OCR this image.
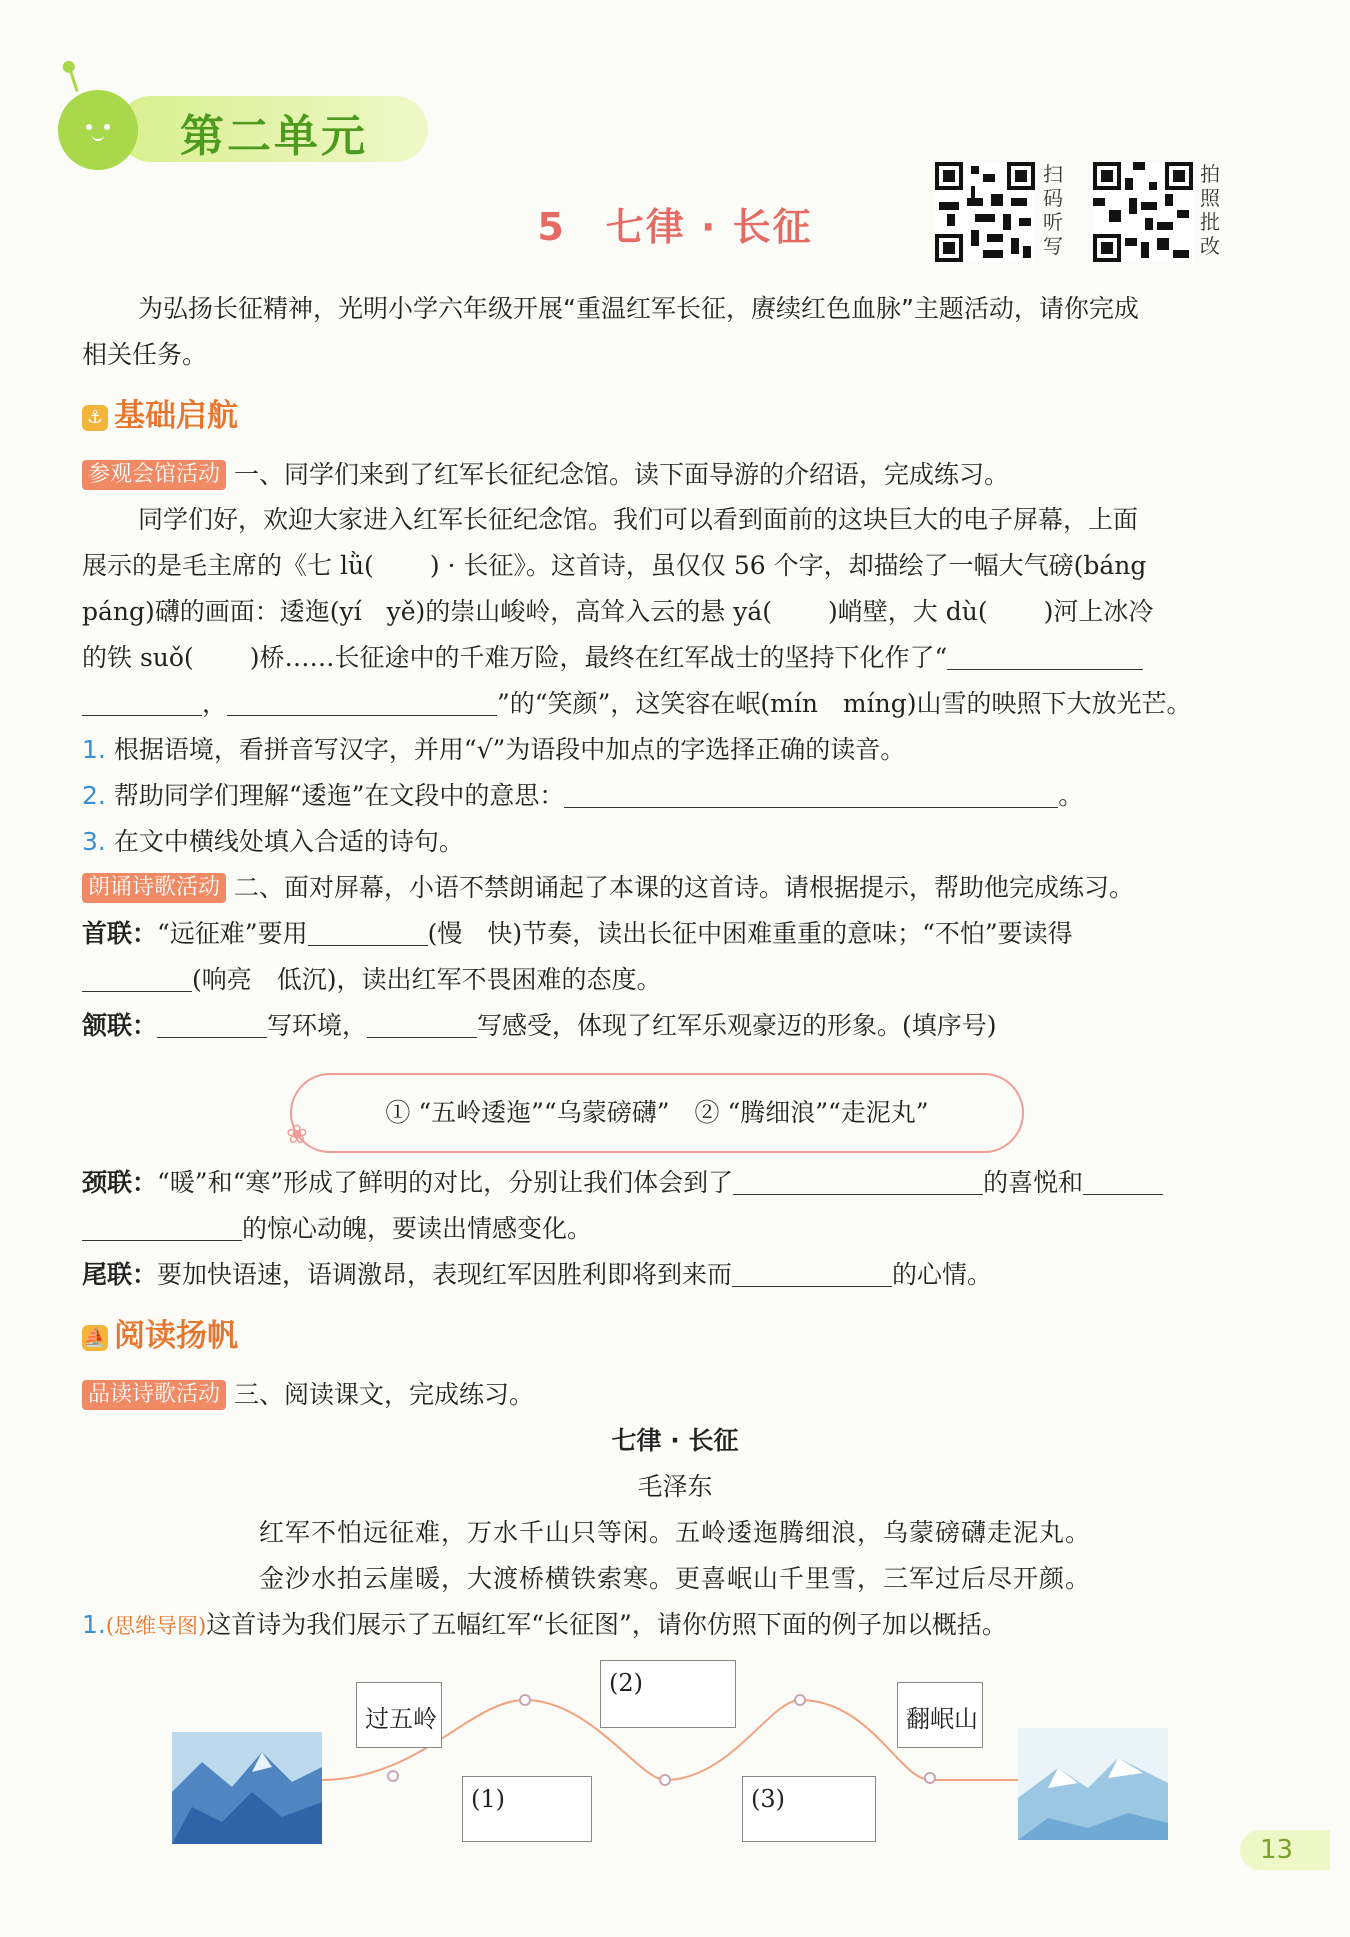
第二单元
5　七律 · 长征
扫
码
听
写
拍
照
批
改
为弘扬长征精神，光明小学六年级开展“重温红军长征，赓续红色血脉”主题活动，请你完成
相关任务。
⚓ 基础启航
参观会馆活动 一、同学们来到了红军长征纪念馆。读下面导游的介绍语，完成练习。
同学们好，欢迎大家进入红军长征纪念馆。我们可以看到面前的这块巨大的电子屏幕，上面
展示的是毛主席的《七 lǜ( ) · 长征》。这首诗，虽仅仅 56 个字，却描绘了一幅大气磅(báng
páng)礴的画面：逶迤(yí　yě)的崇山峻岭，高耸入云的悬 yá( )峭壁，大 dù( )河上冰冷
的铁 suǒ( )桥……长征途中的千难万险，最终在红军战士的坚持下化作了“
，	”的“笑颜”，这笑容在岷(mín　míng)山雪的映照下大放光芒。
1. 根据语境，看拼音写汉字，并用“√”为语段中加点的字选择正确的读音。
2. 帮助同学们理解“逶迤”在文段中的意思：	。
3. 在文中横线处填入合适的诗句。
朗诵诗歌活动 二、面对屏幕，小语不禁朗诵起了本课的这首诗。请根据提示，帮助他完成练习。
首联：“远征难”要用	(慢　快)节奏，读出长征中困难重重的意味；“不怕”要读得
(响亮　低沉)，读出红军不畏困难的态度。
颔联：	写环境，	写感受，体现了红军乐观豪迈的形象。(填序号)
① “五岭逶迤”“乌蒙磅礴”　② “腾细浪”“走泥丸”
❀
颈联：“暖”和“寒”形成了鲜明的对比，分别让我们体会到了	的喜悦和
的惊心动魄，要读出情感变化。
尾联：要加快语速，语调激昂，表现红军因胜利即将到来而	的心情。
⛵ 阅读扬帆
品读诗歌活动 三、阅读课文，完成练习。
七律 · 长征
毛泽东
红军不怕远征难，万水千山只等闲。五岭逶迤腾细浪，乌蒙磅礴走泥丸。
金沙水拍云崖暖，大渡桥横铁索寒。更喜岷山千里雪，三军过后尽开颜。
1.(思维导图)这首诗为我们展示了五幅红军“长征图”，请你仿照下面的例子加以概括。
过五岭
(1)
(2)
(3)
翻岷山
13
